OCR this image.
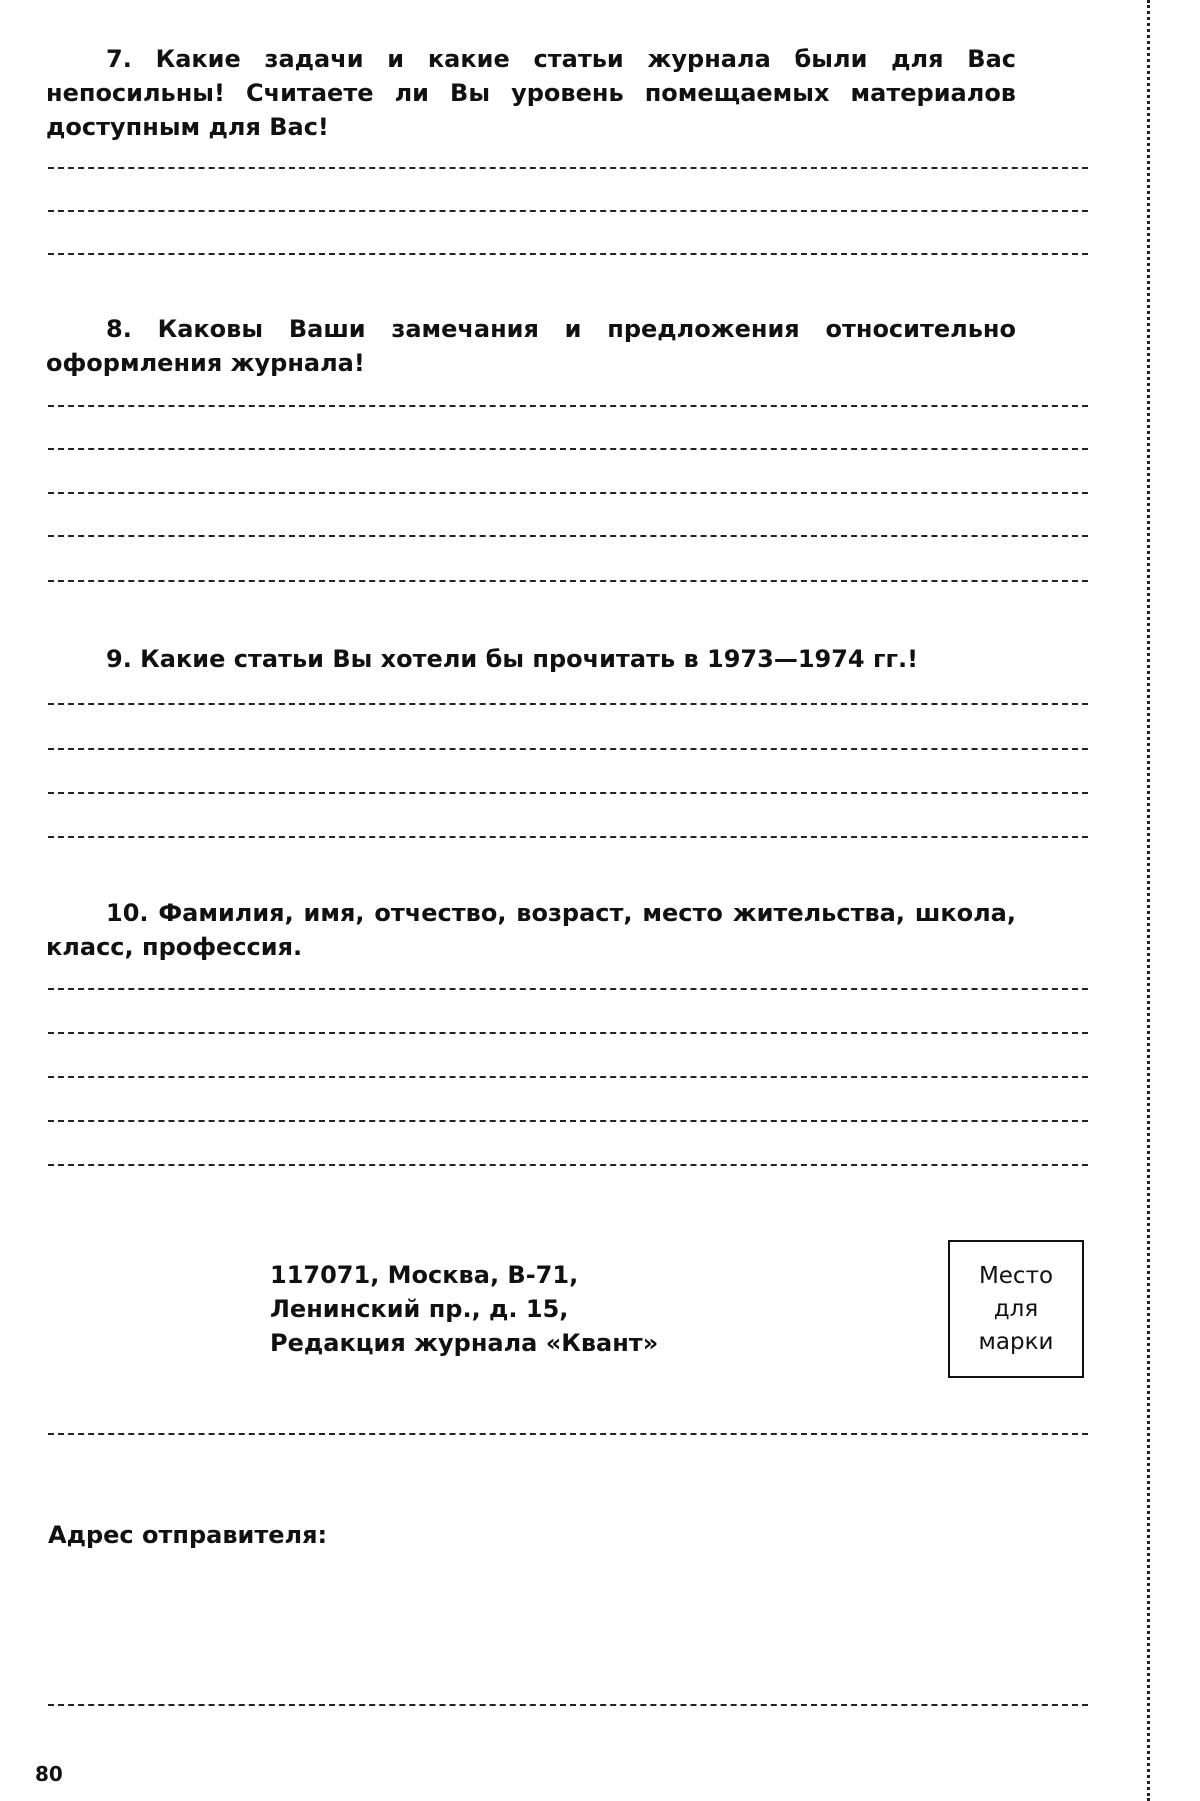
7. Какие задачи и какие статьи журнала были для Вас непосильны! Считаете ли Вы уровень помещаемых материалов доступным для Вас!

8. Каковы Ваши замечания и предложения относительно оформления журнала!

9. Какие статьи Вы хотели бы прочитать в 1973—1974 гг.!

10. Фамилия, имя, отчество, возраст, место жительства, школа, класс, профессия.

117071, Москва, В-71,
Ленинский пр., д. 15,
Редакция журнала «Квант»
Место
для
марки

Адрес отправителя:

80
